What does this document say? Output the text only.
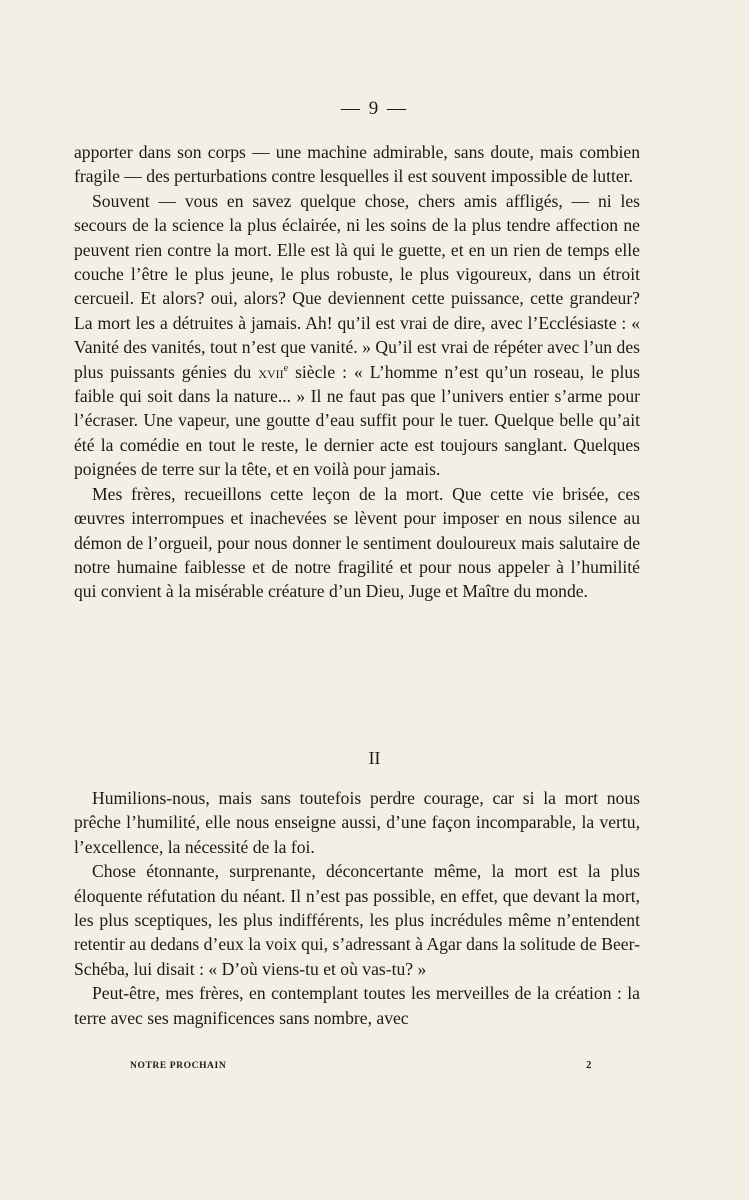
— 9 —

apporter dans son corps — une machine admirable, sans doute, mais combien fragile — des perturbations contre lesquelles il est souvent impossible de lutter.

Souvent — vous en savez quelque chose, chers amis affligés, — ni les secours de la science la plus éclairée, ni les soins de la plus tendre affection ne peuvent rien contre la mort. Elle est là qui le guette, et en un rien de temps elle couche l’être le plus jeune, le plus robuste, le plus vigoureux, dans un étroit cercueil. Et alors? oui, alors? Que deviennent cette puissance, cette grandeur? La mort les a détruites à jamais. Ah! qu’il est vrai de dire, avec l’Ecclésiaste : « Vanité des vanités, tout n’est que vanité. » Qu’il est vrai de répéter avec l’un des plus puissants génies du xvii$^e$ siècle : « L’homme n’est qu’un roseau, le plus faible qui soit dans la nature... » Il ne faut pas que l’univers entier s’arme pour l’écraser. Une vapeur, une goutte d’eau suffit pour le tuer. Quelque belle qu’ait été la comédie en tout le reste, le dernier acte est toujours sanglant. Quelques poignées de terre sur la tête, et en voilà pour jamais.

Mes frères, recueillons cette leçon de la mort. Que cette vie brisée, ces œuvres interrompues et inachevées se lèvent pour imposer en nous silence au démon de l’orgueil, pour nous donner le sentiment douloureux mais salutaire de notre humaine faiblesse et de notre fragilité et pour nous appeler à l’humilité qui convient à la misérable créature d’un Dieu, Juge et Maître du monde.

II

Humilions-nous, mais sans toutefois perdre courage, car si la mort nous prêche l’humilité, elle nous enseigne aussi, d’une façon incomparable, la vertu, l’excellence, la nécessité de la foi.

Chose étonnante, surprenante, déconcertante même, la mort est la plus éloquente réfutation du néant. Il n’est pas possible, en effet, que devant la mort, les plus sceptiques, les plus indifférents, les plus incrédules même n’entendent retentir au dedans d’eux la voix qui, s’adressant à Agar dans la solitude de Beer-Schéba, lui disait : « D’où viens-tu et où vas-tu? »

Peut-être, mes frères, en contemplant toutes les merveilles de la création : la terre avec ses magnificences sans nombre, avec

NOTRE PROCHAIN	2
